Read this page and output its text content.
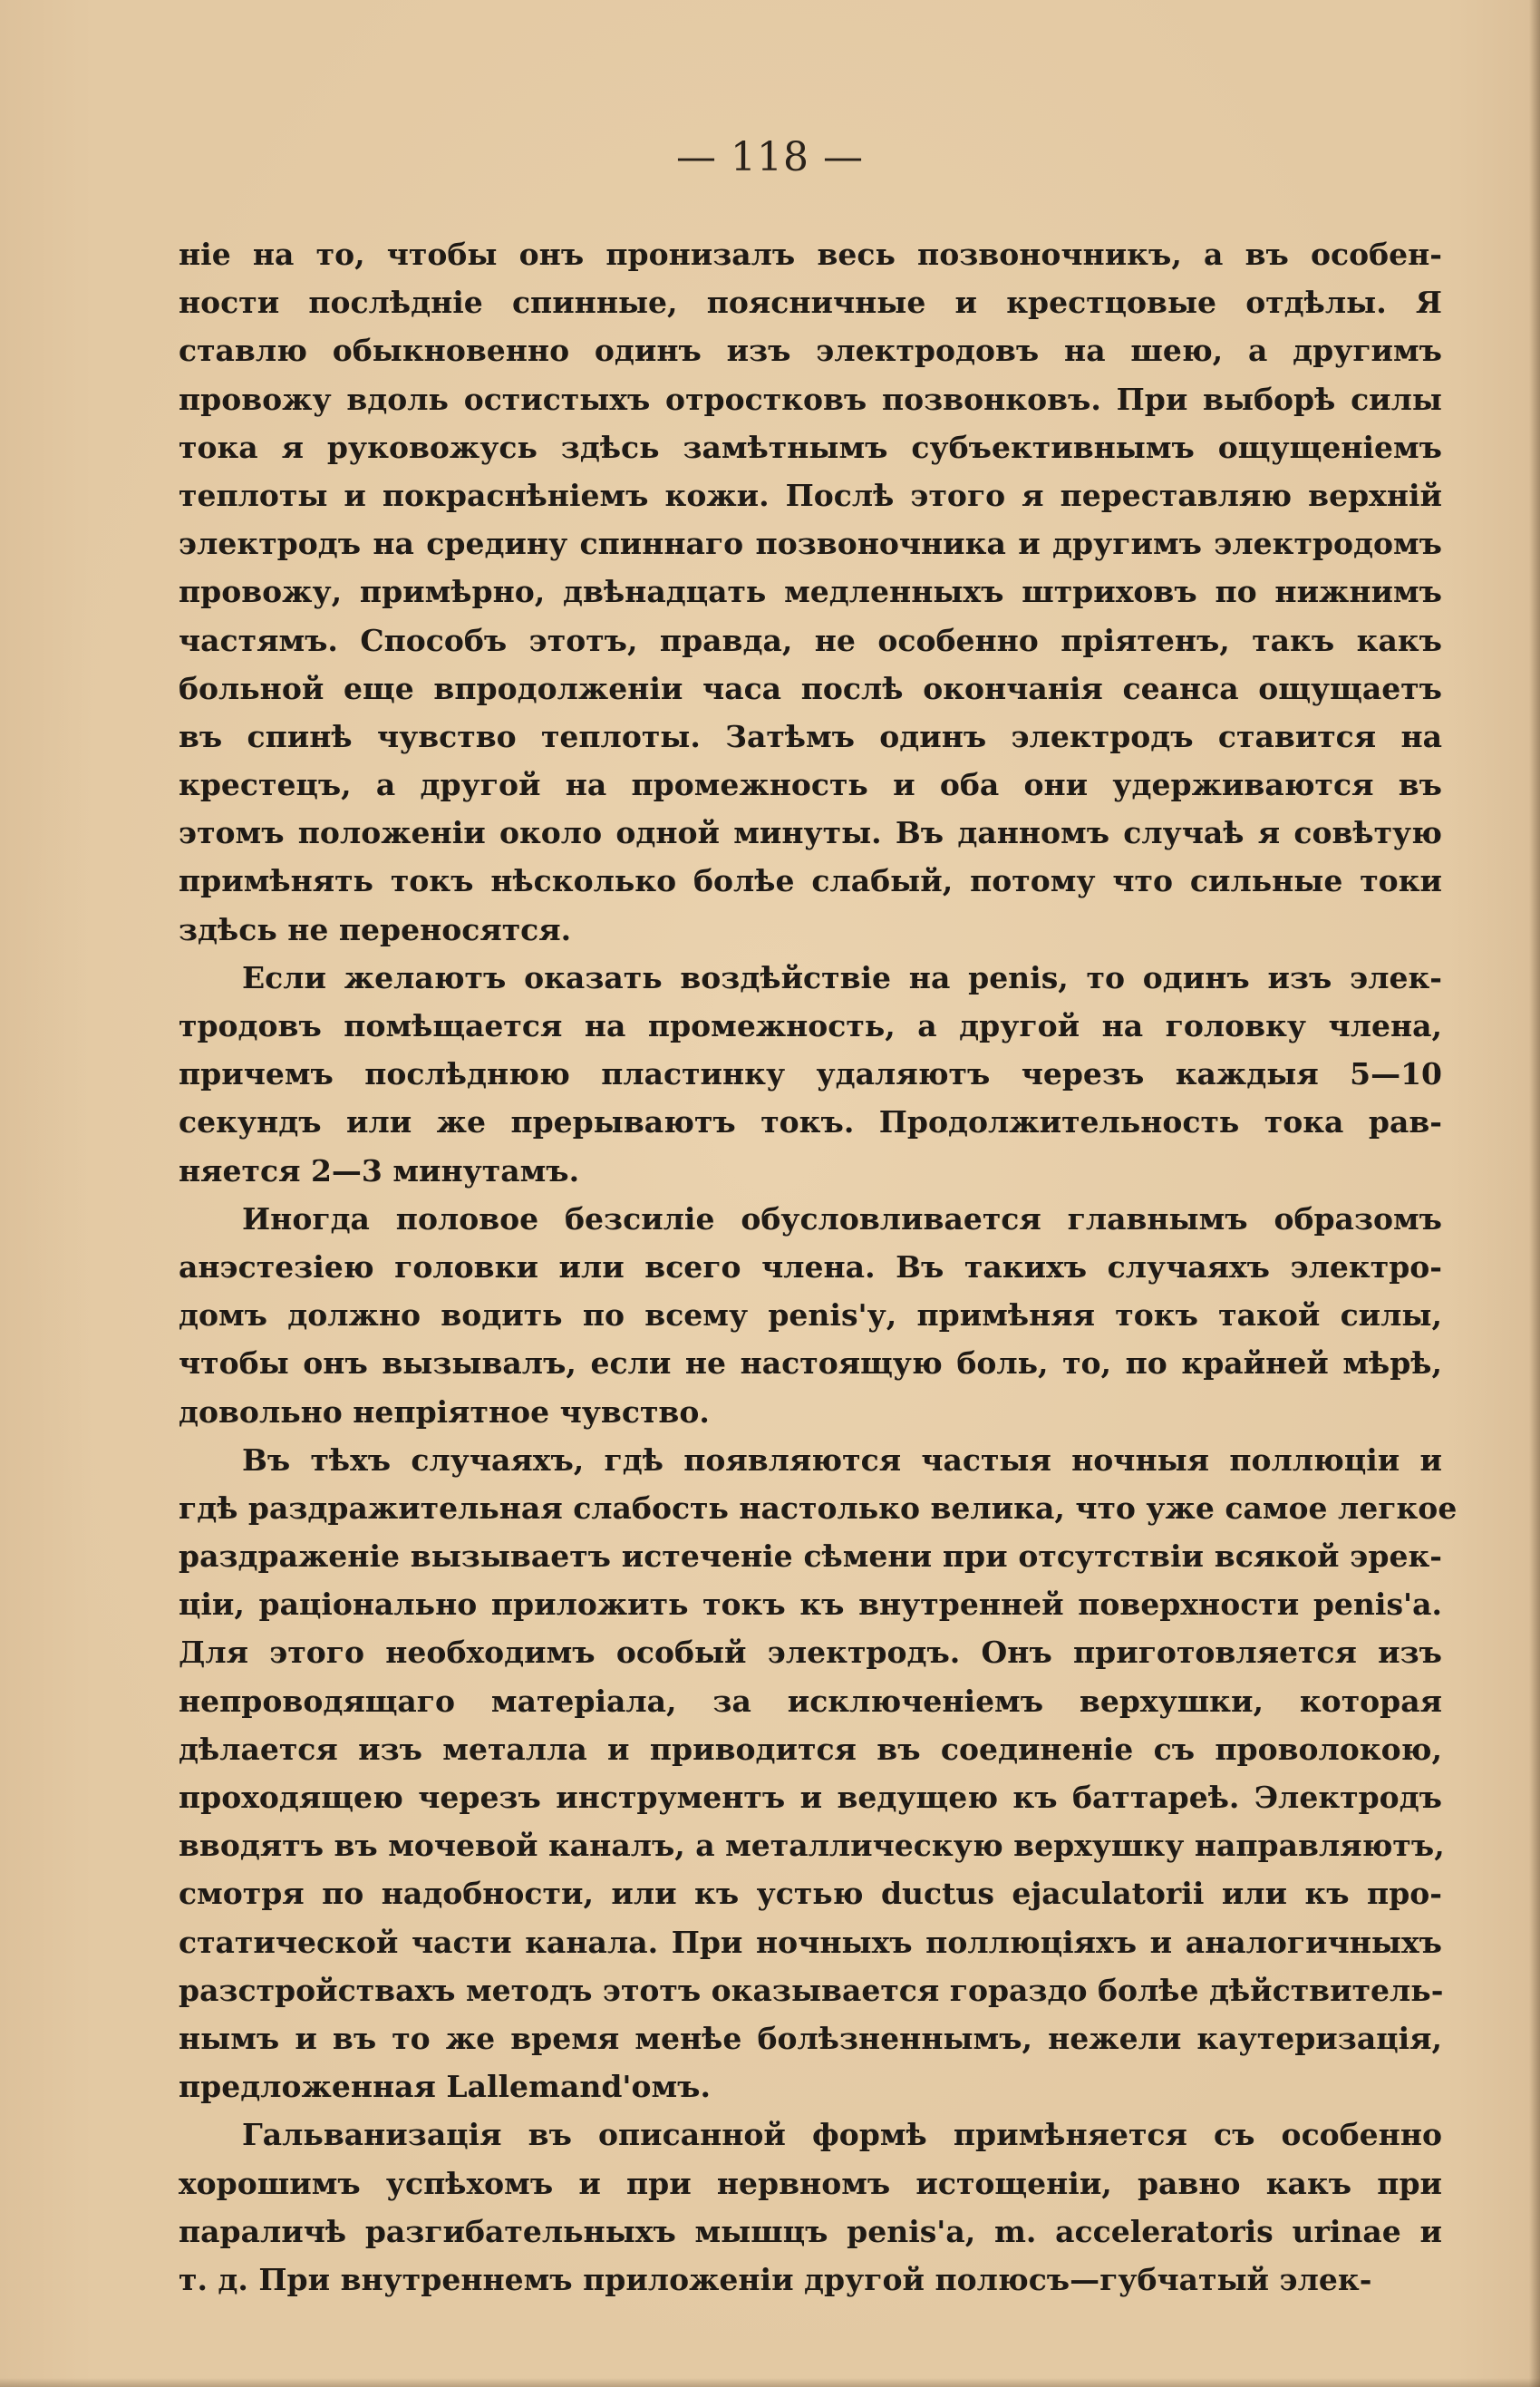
— 118 —
ніе на то, чтобы онъ пронизалъ весь позвоночникъ, а въ особен-
ности послѣдніе спинные, поясничные и крестцовые отдѣлы. Я
ставлю обыкновенно одинъ изъ электродовъ на шею, а другимъ
провожу вдоль остистыхъ отростковъ позвонковъ. При выборѣ силы
тока я руковожусь здѣсь замѣтнымъ субъективнымъ ощущеніемъ
теплоты и покраснѣніемъ кожи. Послѣ этого я переставляю верхній
электродъ на средину спиннаго позвоночника и другимъ электродомъ
провожу, примѣрно, двѣнадцать медленныхъ штриховъ по нижнимъ
частямъ. Способъ этотъ, правда, не особенно пріятенъ, такъ какъ
больной еще впродолженіи часа послѣ окончанія сеанса ощущаетъ
въ спинѣ чувство теплоты. Затѣмъ одинъ электродъ ставится на
крестецъ, а другой на промежность и оба они удерживаются въ
этомъ положеніи около одной минуты. Въ данномъ случаѣ я совѣтую
примѣнять токъ нѣсколько болѣе слабый, потому что сильные токи
здѣсь не переносятся.
Если желаютъ оказать воздѣйствіе на penis, то одинъ изъ элек-
тродовъ помѣщается на промежность, а другой на головку члена,
причемъ послѣднюю пластинку удаляютъ черезъ каждыя 5—10
секундъ или же прерываютъ токъ. Продолжительность тока рав-
няется 2—3 минутамъ.
Иногда половое безсиліе обусловливается главнымъ образомъ
анэстезіею головки или всего члена. Въ такихъ случаяхъ электро-
домъ должно водить по всему penis'у, примѣняя токъ такой силы,
чтобы онъ вызывалъ, если не настоящую боль, то, по крайней мѣрѣ,
довольно непріятное чувство.
Въ тѣхъ случаяхъ, гдѣ появляются частыя ночныя поллюціи и
гдѣ раздражительная слабость настолько велика, что уже самое легкое
раздраженіе вызываетъ истеченіе сѣмени при отсутствіи всякой эрек-
ціи, раціонально приложить токъ къ внутренней поверхности penis'а.
Для этого необходимъ особый электродъ. Онъ приготовляется изъ
непроводящаго матеріала, за исключеніемъ верхушки, которая
дѣлается изъ металла и приводится въ соединеніе съ проволокою,
проходящею черезъ инструментъ и ведущею къ баттареѣ. Электродъ
вводятъ въ мочевой каналъ, а металлическую верхушку направляютъ,
смотря по надобности, или къ устью ductus ejaculatorii или къ про-
статической части канала. При ночныхъ поллюціяхъ и аналогичныхъ
разстройствахъ методъ этотъ оказывается гораздо болѣе дѣйствитель-
нымъ и въ то же время менѣе болѣзненнымъ, нежели каутеризація,
предложенная Lallemand'омъ.
Гальванизація въ описанной формѣ примѣняется съ особенно
хорошимъ успѣхомъ и при нервномъ истощеніи, равно какъ при
параличѣ разгибательныхъ мышцъ penis'а, m. acceleratoris urinae и
т. д. При внутреннемъ приложеніи другой полюсъ—губчатый элек-
